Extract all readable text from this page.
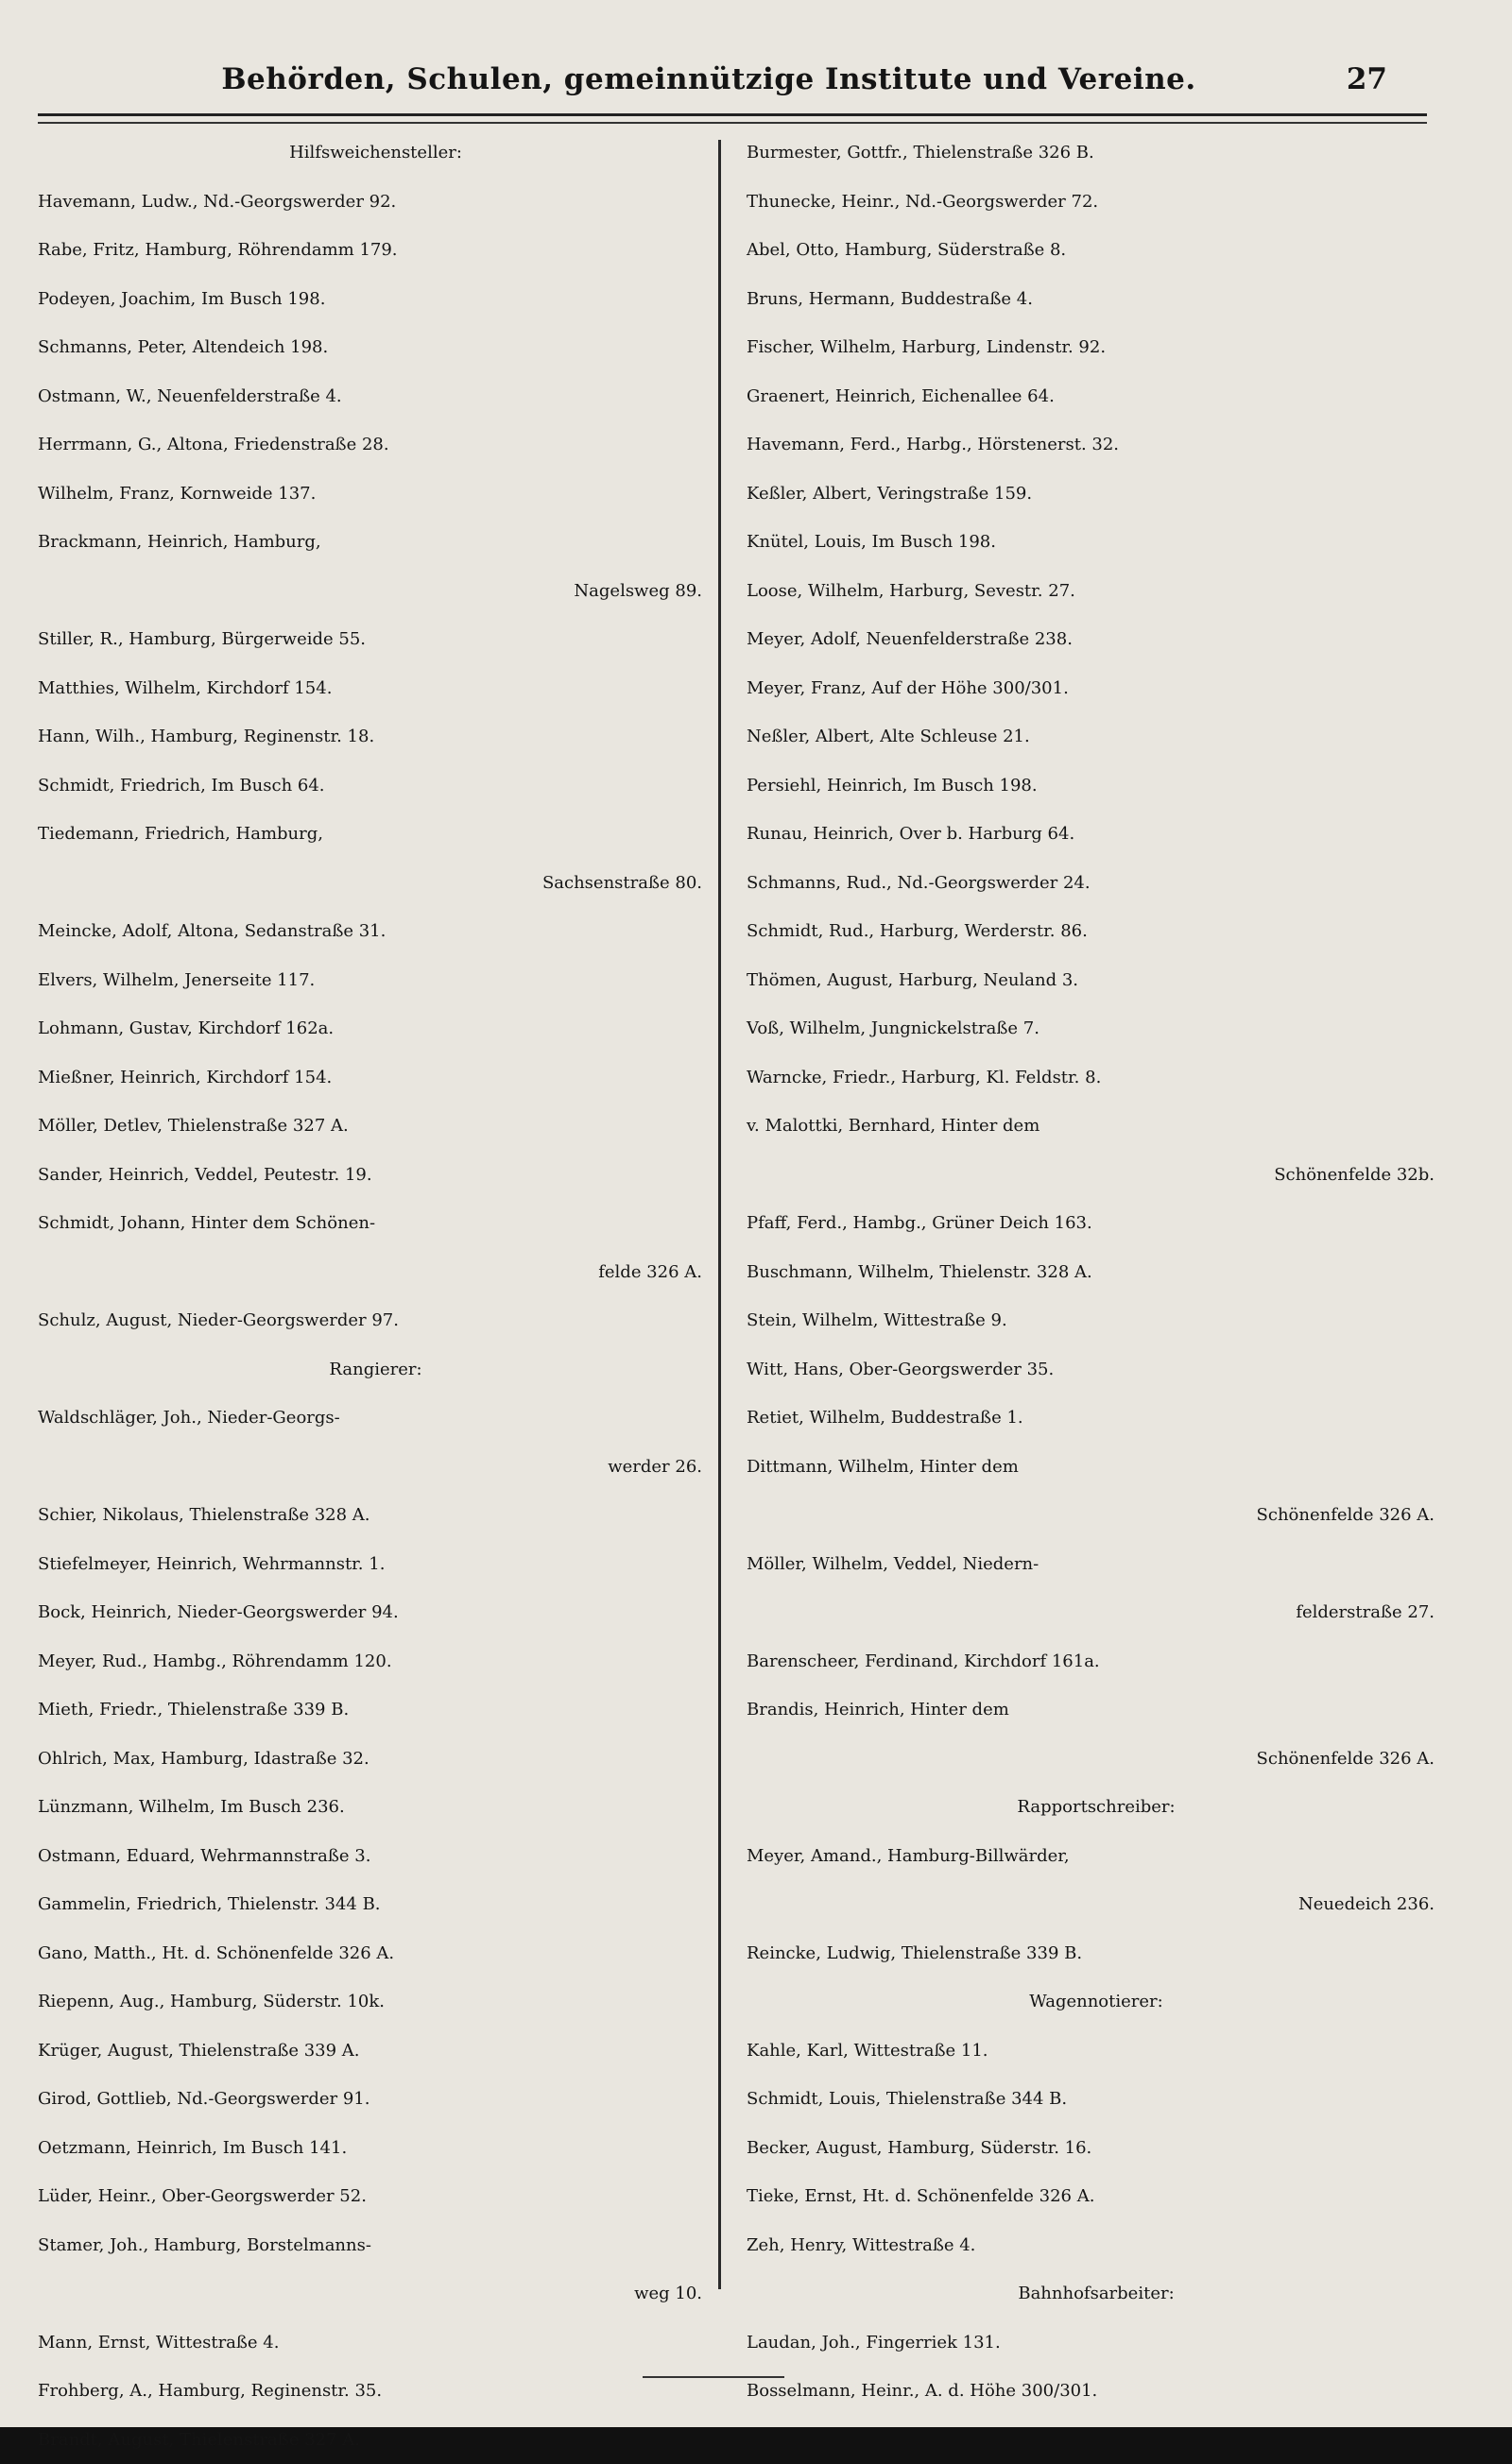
Behörden, Schulen, gemeinnützige Institute und Vereine.	27
Hilfsweichensteller:
Havemann, Ludw., Nd.-Georgswerder 92.
Rabe, Fritz, Hamburg, Röhrendamm 179.
Podeyen, Joachim, Im Busch 198.
Schmanns, Peter, Altendeich 198.
Ostmann, W., Neuenfelderstraße 4.
Herrmann, G., Altona, Friedenstraße 28.
Wilhelm, Franz, Kornweide 137.
Brackmann, Heinrich, Hamburg,
Nagelsweg 89.
Stiller, R., Hamburg, Bürgerweide 55.
Matthies, Wilhelm, Kirchdorf 154.
Hann, Wilh., Hamburg, Reginenstr. 18.
Schmidt, Friedrich, Im Busch 64.
Tiedemann, Friedrich, Hamburg,
Sachsenstraße 80.
Meincke, Adolf, Altona, Sedanstraße 31.
Elvers, Wilhelm, Jenerseite 117.
Lohmann, Gustav, Kirchdorf 162a.
Mießner, Heinrich, Kirchdorf 154.
Möller, Detlev, Thielenstraße 327 A.
Sander, Heinrich, Veddel, Peutestr. 19.
Schmidt, Johann, Hinter dem Schönen-
felde 326 A.
Schulz, August, Nieder-Georgswerder 97.
Rangierer:
Waldschläger, Joh., Nieder-Georgs-
werder 26.
Schier, Nikolaus, Thielenstraße 328 A.
Stiefelmeyer, Heinrich, Wehrmannstr. 1.
Bock, Heinrich, Nieder-Georgswerder 94.
Meyer, Rud., Hambg., Röhrendamm 120.
Mieth, Friedr., Thielenstraße 339 B.
Ohlrich, Max, Hamburg, Idastraße 32.
Lünzmann, Wilhelm, Im Busch 236.
Ostmann, Eduard, Wehrmannstraße 3.
Gammelin, Friedrich, Thielenstr. 344 B.
Gano, Matth., Ht. d. Schönenfelde 326 A.
Riepenn, Aug., Hamburg, Süderstr. 10k.
Krüger, August, Thielenstraße 339 A.
Girod, Gottlieb, Nd.-Georgswerder 91.
Oetzmann, Heinrich, Im Busch 141.
Lüder, Heinr., Ober-Georgswerder 52.
Stamer, Joh., Hamburg, Borstelmanns-
weg 10.
Mann, Ernst, Wittestraße 4.
Frohberg, A., Hamburg, Reginenstr. 35.
Brandt, August, Thielenstraße 327 A.
Burmester, Gottfr., Thielenstraße 326 B.
Thunecke, Heinr., Nd.-Georgswerder 72.
Abel, Otto, Hamburg, Süderstraße 8.
Bruns, Hermann, Buddestraße 4.
Fischer, Wilhelm, Harburg, Lindenstr. 92.
Graenert, Heinrich, Eichenallee 64.
Havemann, Ferd., Harbg., Hörstenerst. 32.
Keßler, Albert, Veringstraße 159.
Knütel, Louis, Im Busch 198.
Loose, Wilhelm, Harburg, Sevestr. 27.
Meyer, Adolf, Neuenfelderstraße 238.
Meyer, Franz, Auf der Höhe 300/301.
Neßler, Albert, Alte Schleuse 21.
Persiehl, Heinrich, Im Busch 198.
Runau, Heinrich, Over b. Harburg 64.
Schmanns, Rud., Nd.-Georgswerder 24.
Schmidt, Rud., Harburg, Werderstr. 86.
Thömen, August, Harburg, Neuland 3.
Voß, Wilhelm, Jungnickelstraße 7.
Warncke, Friedr., Harburg, Kl. Feldstr. 8.
v. Malottki, Bernhard, Hinter dem
Schönenfelde 32b.
Pfaff, Ferd., Hambg., Grüner Deich 163.
Buschmann, Wilhelm, Thielenstr. 328 A.
Stein, Wilhelm, Wittestraße 9.
Witt, Hans, Ober-Georgswerder 35.
Retiet, Wilhelm, Buddestraße 1.
Dittmann, Wilhelm, Hinter dem
Schönenfelde 326 A.
Möller, Wilhelm, Veddel, Niedern-
felderstraße 27.
Barenscheer, Ferdinand, Kirchdorf 161a.
Brandis, Heinrich, Hinter dem
Schönenfelde 326 A.
Rapportschreiber:
Meyer, Amand., Hamburg-Billwärder,
Neuedeich 236.
Reincke, Ludwig, Thielenstraße 339 B.
Wagennotierer:
Kahle, Karl, Wittestraße 11.
Schmidt, Louis, Thielenstraße 344 B.
Becker, August, Hamburg, Süderstr. 16.
Tieke, Ernst, Ht. d. Schönenfelde 326 A.
Zeh, Henry, Wittestraße 4.
Bahnhofsarbeiter:
Laudan, Joh., Fingerriek 131.
Bosselmann, Heinr., A. d. Höhe 300/301.
